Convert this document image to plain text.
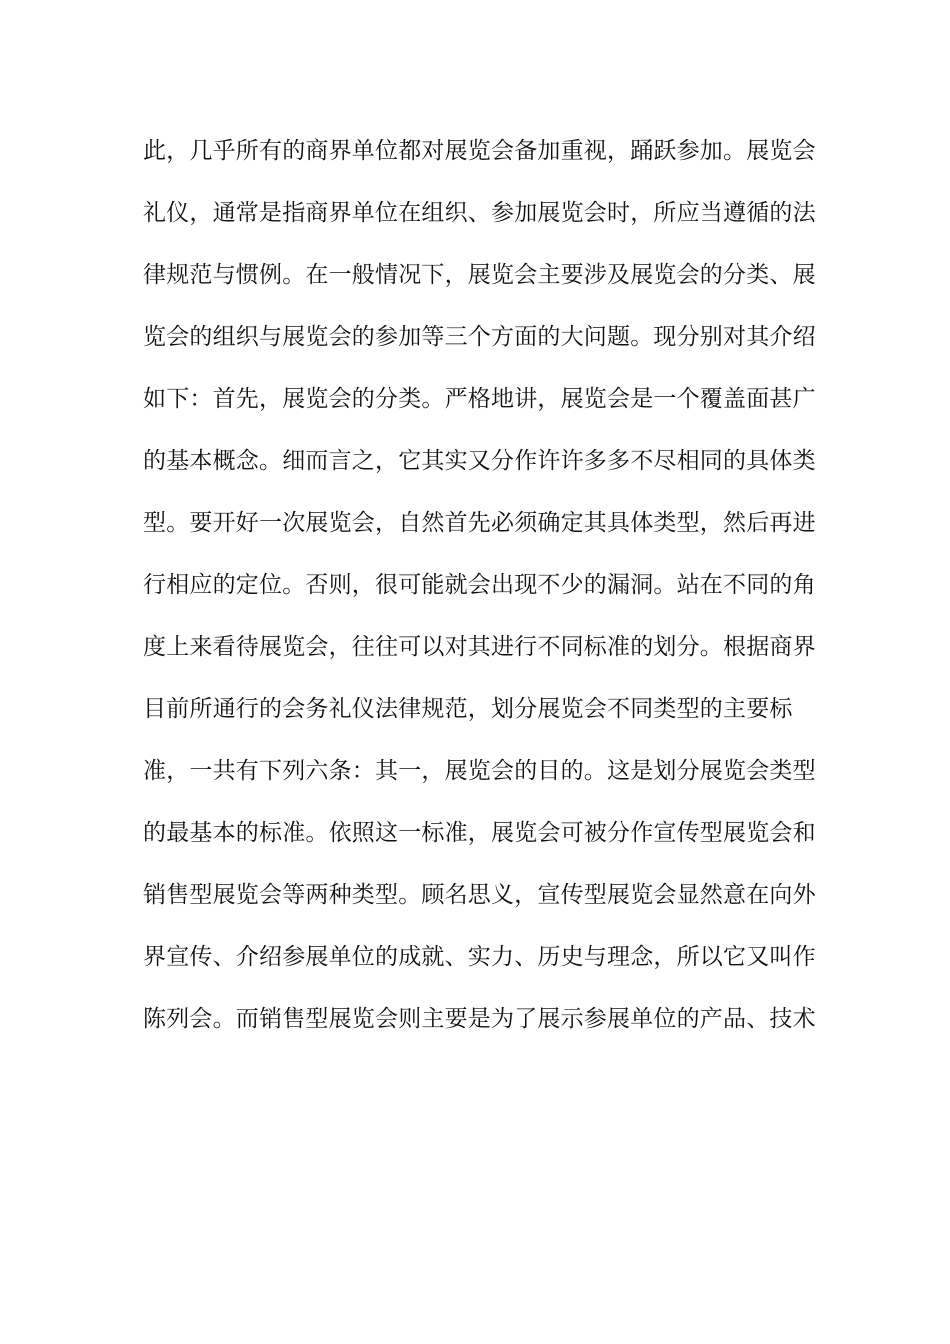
此，几乎所有的商界单位都对展览会备加重视，踊跃参加。展览会
礼仪，通常是指商界单位在组织、参加展览会时，所应当遵循的法
律规范与惯例。在一般情况下，展览会主要涉及展览会的分类、展
览会的组织与展览会的参加等三个方面的大问题。现分别对其介绍
如下：首先，展览会的分类。严格地讲，展览会是一个覆盖面甚广
的基本概念。细而言之，它其实又分作许许多多不尽相同的具体类
型。要开好一次展览会，自然首先必须确定其具体类型，然后再进
行相应的定位。否则，很可能就会出现不少的漏洞。站在不同的角
度上来看待展览会，往往可以对其进行不同标准的划分。根据商界
目前所通行的会务礼仪法律规范，划分展览会不同类型的主要标
准，一共有下列六条：其一，展览会的目的。这是划分展览会类型
的最基本的标准。依照这一标准，展览会可被分作宣传型展览会和
销售型展览会等两种类型。顾名思义，宣传型展览会显然意在向外
界宣传、介绍参展单位的成就、实力、历史与理念，所以它又叫作
陈列会。而销售型展览会则主要是为了展示参展单位的产品、技术
